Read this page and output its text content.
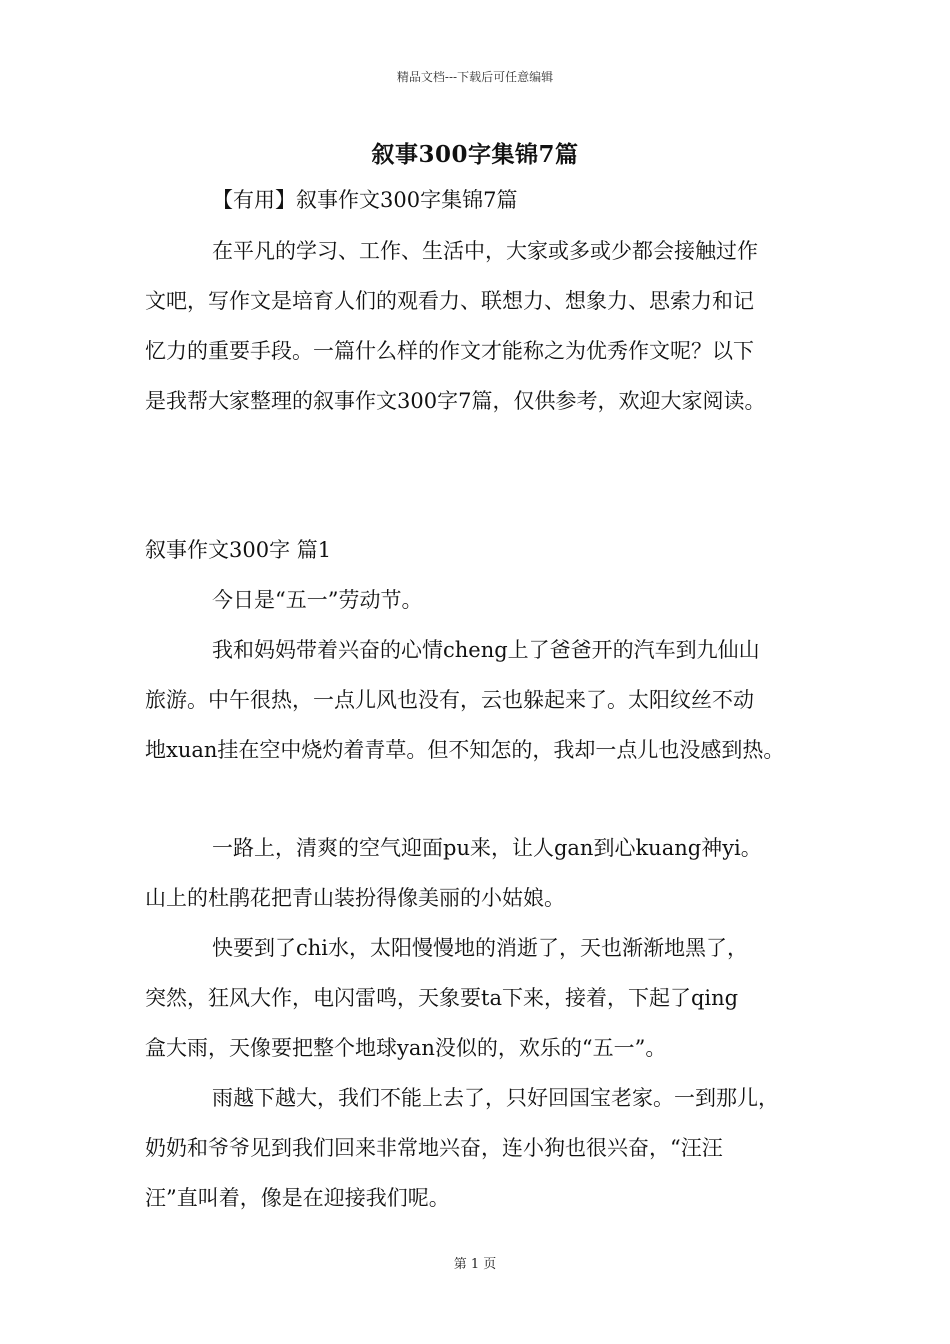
精品文档---下载后可任意编辑
叙事300字集锦7篇
【有用】叙事作文300字集锦7篇
在平凡的学习、工作、生活中，大家或多或少都会接触过作
文吧，写作文是培育人们的观看力、联想力、想象力、思索力和记
忆力的重要手段。一篇什么样的作文才能称之为优秀作文呢？以下
是我帮大家整理的叙事作文300字7篇，仅供参考，欢迎大家阅读。
叙事作文300字 篇1
今日是“五一”劳动节。
我和妈妈带着兴奋的心情cheng上了爸爸开的汽车到九仙山
旅游。中午很热，一点儿风也没有，云也躲起来了。太阳纹丝不动
地xuan挂在空中烧灼着青草。但不知怎的，我却一点儿也没感到热。
一路上，清爽的空气迎面pu来，让人gan到心kuang神yi。
山上的杜鹃花把青山装扮得像美丽的小姑娘。
快要到了chi水，太阳慢慢地的消逝了，天也渐渐地黑了，
突然，狂风大作，电闪雷鸣，天象要ta下来，接着，下起了qing
盒大雨，天像要把整个地球yan没似的，欢乐的“五一”。
雨越下越大，我们不能上去了，只好回国宝老家。一到那儿，
奶奶和爷爷见到我们回来非常地兴奋，连小狗也很兴奋，“汪汪
汪”直叫着，像是在迎接我们呢。
第 1 页
